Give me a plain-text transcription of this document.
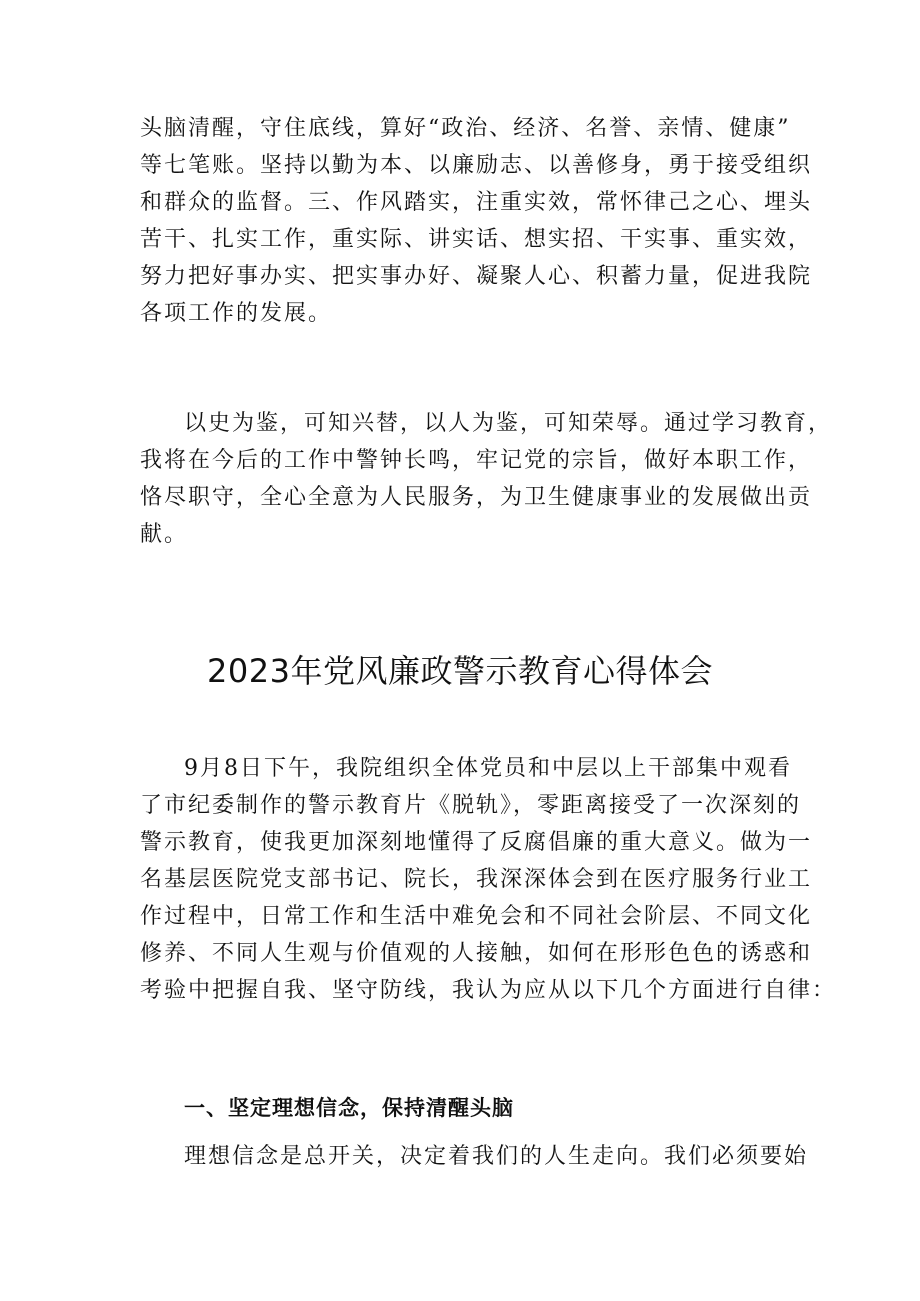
头脑清醒，守住底线，算好“政治、经济、名誉、亲情、健康”
等七笔账。坚持以勤为本、以廉励志、以善修身，勇于接受组织
和群众的监督。三、作风踏实，注重实效，常怀律己之心、埋头
苦干、扎实工作，重实际、讲实话、想实招、干实事、重实效，
努力把好事办实、把实事办好、凝聚人心、积蓄力量，促进我院
各项工作的发展。
以史为鉴，可知兴替，以人为鉴，可知荣辱。通过学习教育，
我将在今后的工作中警钟长鸣，牢记党的宗旨，做好本职工作，
恪尽职守，全心全意为人民服务，为卫生健康事业的发展做出贡
献。
2023年党风廉政警示教育心得体会
9月8日下午，我院组织全体党员和中层以上干部集中观看
了市纪委制作的警示教育片《脱轨》，零距离接受了一次深刻的
警示教育，使我更加深刻地懂得了反腐倡廉的重大意义。做为一
名基层医院党支部书记、院长，我深深体会到在医疗服务行业工
作过程中，日常工作和生活中难免会和不同社会阶层、不同文化
修养、不同人生观与价值观的人接触，如何在形形色色的诱惑和
考验中把握自我、坚守防线，我认为应从以下几个方面进行自律：
一、坚定理想信念，保持清醒头脑
理想信念是总开关，决定着我们的人生走向。我们必须要始
